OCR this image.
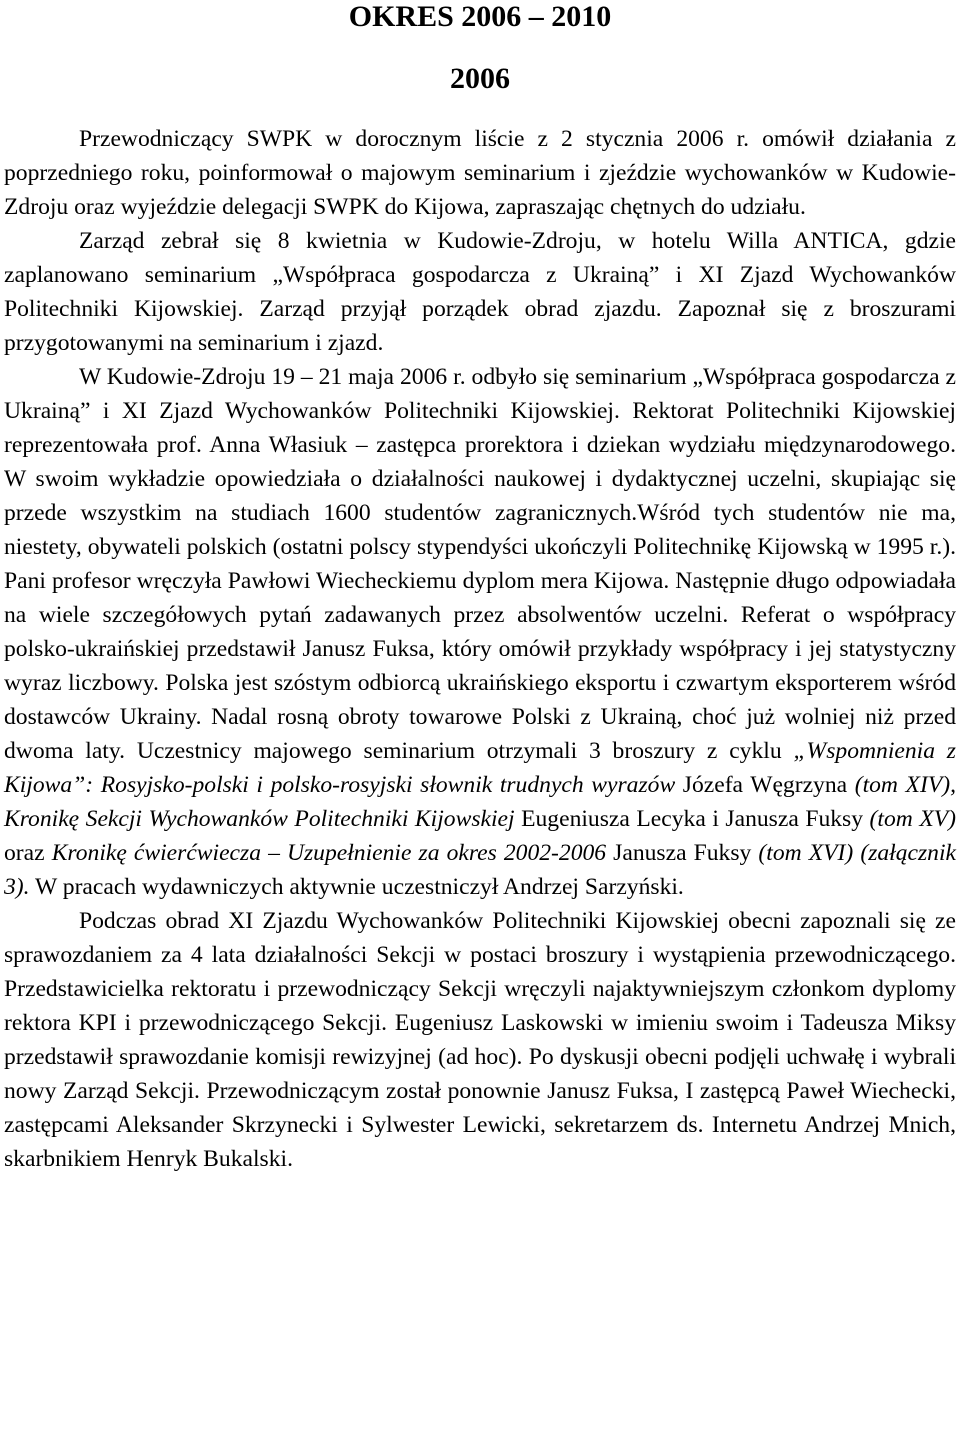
OKRES 2006 – 2010
2006

Przewodniczący SWPK w dorocznym liście z 2 stycznia 2006 r. omówił działania z poprzedniego roku, poinformował o majowym seminarium i zjeździe wychowanków w Kudowie-Zdroju oraz wyjeździe delegacji SWPK do Kijowa, zapraszając chętnych do udziału.

Zarząd zebrał się 8 kwietnia w Kudowie-Zdroju, w hotelu Willa ANTICA, gdzie zaplanowano seminarium „Współpraca gospodarcza z Ukrainą” i XI Zjazd Wychowanków Politechniki Kijowskiej. Zarząd przyjął porządek obrad zjazdu. Zapoznał się z broszurami przygotowanymi na seminarium i zjazd.

W Kudowie-Zdroju 19 – 21 maja 2006 r. odbyło się seminarium „Współpraca gospodarcza z Ukrainą” i XI Zjazd Wychowanków Politechniki Kijowskiej. Rektorat Politechniki Kijowskiej reprezentowała prof. Anna Własiuk – zastępca prorektora i dziekan wydziału międzynarodowego. W swoim wykładzie opowiedziała o działalności naukowej i dydaktycznej uczelni, skupiając się przede wszystkim na studiach 1600 studentów zagranicznych.Wśród tych studentów nie ma, niestety, obywateli polskich (ostatni polscy stypendyści ukończyli Politechnikę Kijowską w 1995 r.). Pani profesor wręczyła Pawłowi Wiecheckiemu dyplom mera Kijowa. Następnie długo odpowiadała na wiele szczegółowych pytań zadawanych przez absolwentów uczelni. Referat o współpracy polsko-ukraińskiej przedstawił Janusz Fuksa, który omówił przykłady współpracy i jej statystyczny wyraz liczbowy. Polska jest szóstym odbiorcą ukraińskiego eksportu i czwartym eksporterem wśród dostawców Ukrainy. Nadal rosną obroty towarowe Polski z Ukrainą, choć już wolniej niż przed dwoma laty. Uczestnicy majowego seminarium otrzymali 3 broszury z cyklu „Wspomnienia z Kijowa”: Rosyjsko-polski i polsko-rosyjski słownik trudnych wyrazów Józefa Węgrzyna (tom XIV), Kronikę Sekcji Wychowanków Politechniki Kijowskiej Eugeniusza Lecyka i Janusza Fuksy (tom XV) oraz Kronikę ćwierćwiecza – Uzupełnienie za okres 2002-2006 Janusza Fuksy (tom XVI) (załącznik 3). W pracach wydawniczych aktywnie uczestniczył Andrzej Sarzyński.

Podczas obrad XI Zjazdu Wychowanków Politechniki Kijowskiej obecni zapoznali się ze sprawozdaniem za 4 lata działalności Sekcji w postaci broszury i wystąpienia przewodniczącego. Przedstawicielka rektoratu i przewodniczący Sekcji wręczyli najaktywniejszym członkom dyplomy rektora KPI i przewodniczącego Sekcji. Eugeniusz Laskowski w imieniu swoim i Tadeusza Miksy przedstawił sprawozdanie komisji rewizyjnej (ad hoc). Po dyskusji obecni podjęli uchwałę i wybrali nowy Zarząd Sekcji. Przewodniczącym został ponownie Janusz Fuksa, I zastępcą Paweł Wiechecki, zastępcami Aleksander Skrzynecki i Sylwester Lewicki, sekretarzem ds. Internetu Andrzej Mnich, skarbnikiem Henryk Bukalski.
